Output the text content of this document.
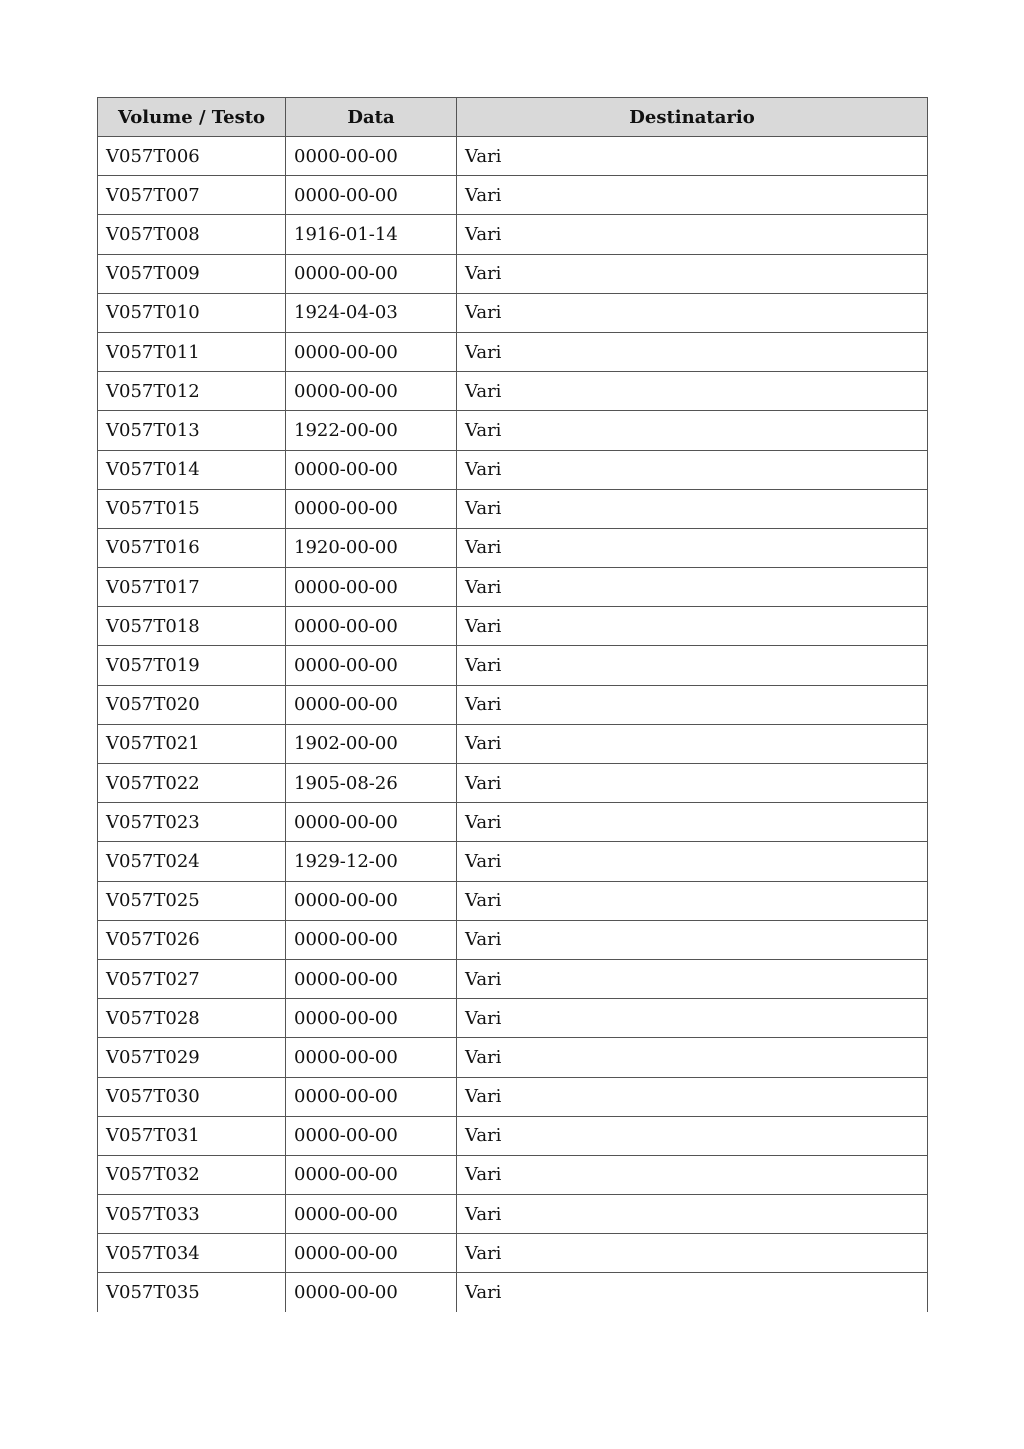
Volume / Testo	Data	Destinatario
V057T006	0000-00-00	Vari
V057T007	0000-00-00	Vari
V057T008	1916-01-14	Vari
V057T009	0000-00-00	Vari
V057T010	1924-04-03	Vari
V057T011	0000-00-00	Vari
V057T012	0000-00-00	Vari
V057T013	1922-00-00	Vari
V057T014	0000-00-00	Vari
V057T015	0000-00-00	Vari
V057T016	1920-00-00	Vari
V057T017	0000-00-00	Vari
V057T018	0000-00-00	Vari
V057T019	0000-00-00	Vari
V057T020	0000-00-00	Vari
V057T021	1902-00-00	Vari
V057T022	1905-08-26	Vari
V057T023	0000-00-00	Vari
V057T024	1929-12-00	Vari
V057T025	0000-00-00	Vari
V057T026	0000-00-00	Vari
V057T027	0000-00-00	Vari
V057T028	0000-00-00	Vari
V057T029	0000-00-00	Vari
V057T030	0000-00-00	Vari
V057T031	0000-00-00	Vari
V057T032	0000-00-00	Vari
V057T033	0000-00-00	Vari
V057T034	0000-00-00	Vari
V057T035	0000-00-00	Vari
